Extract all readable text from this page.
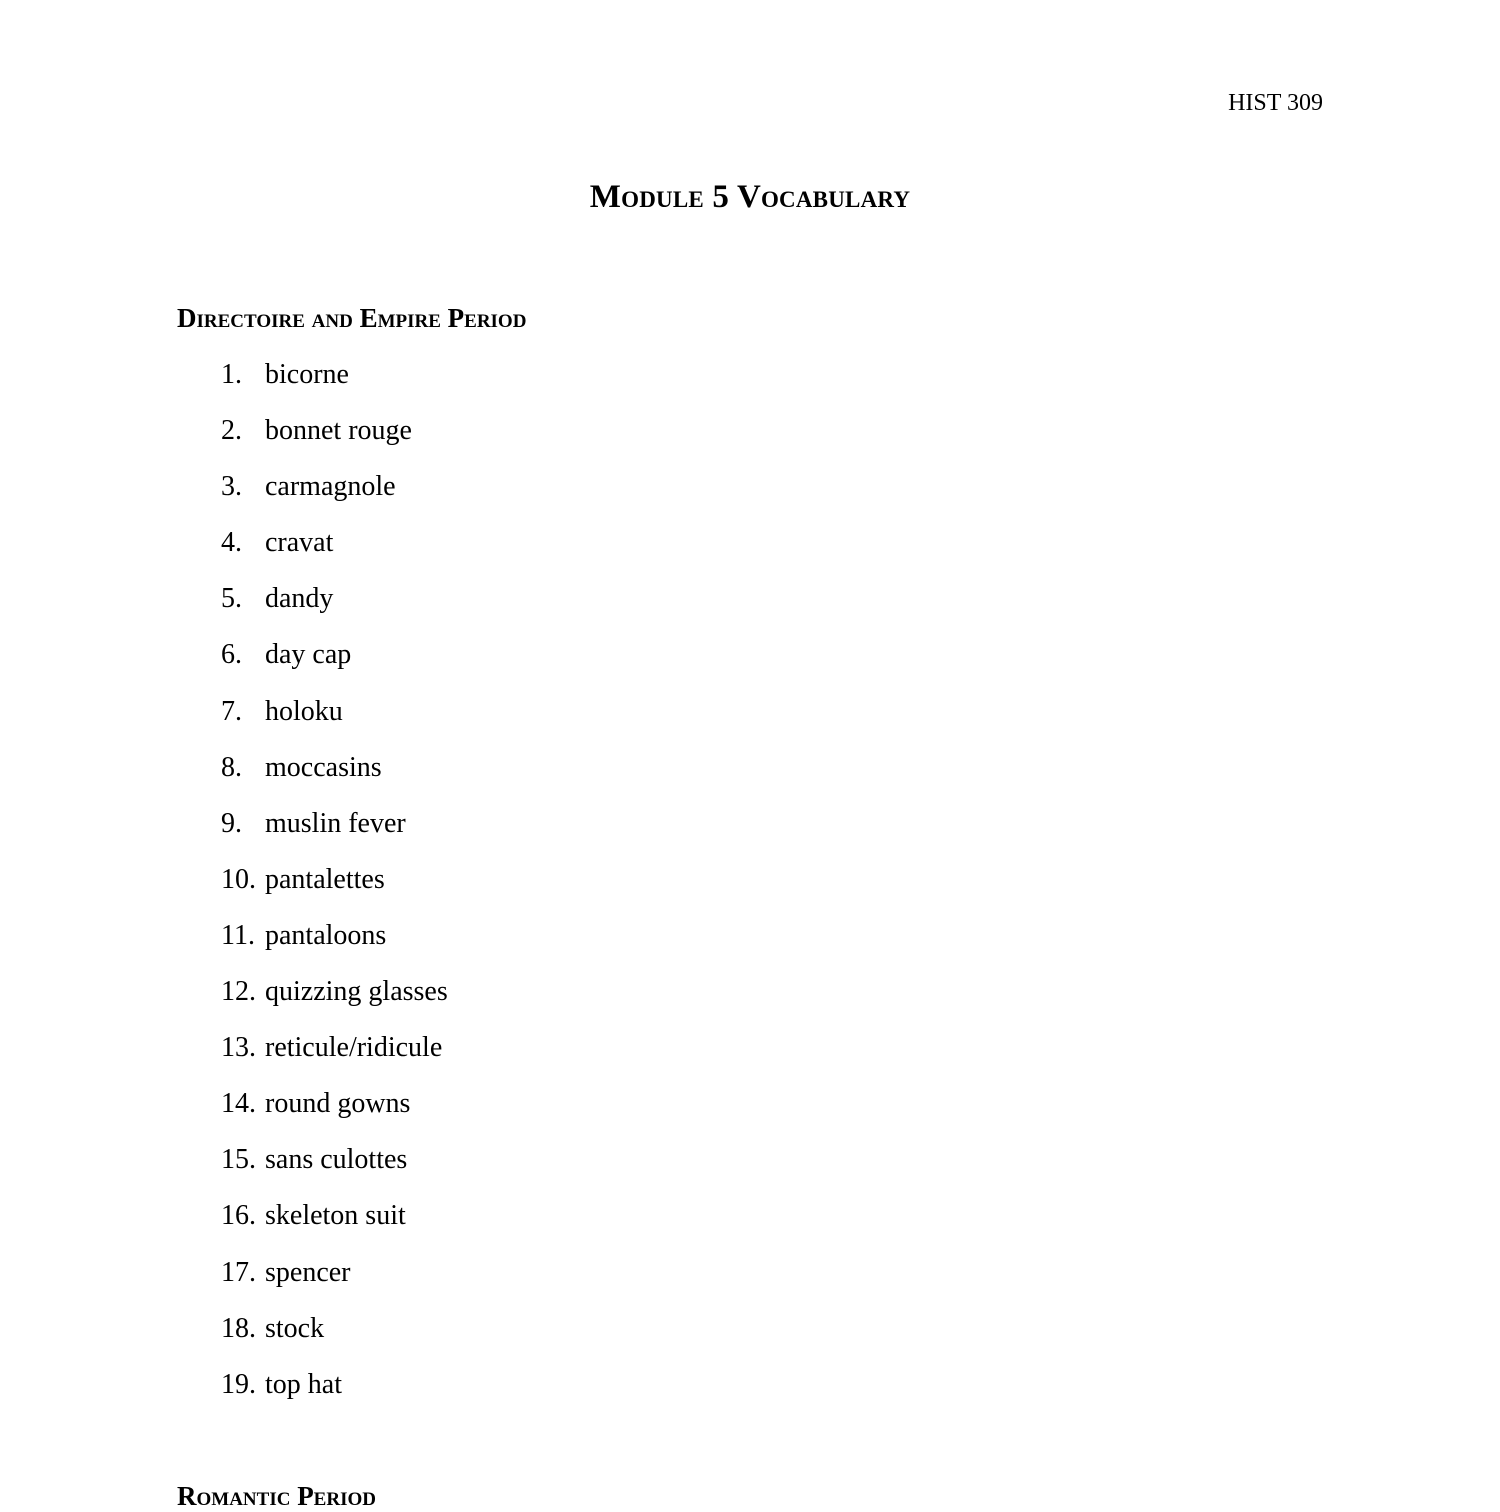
HIST 309
Module 5 Vocabulary
Directoire and Empire Period
1. bicorne
2. bonnet rouge
3. carmagnole
4. cravat
5. dandy
6. day cap
7. holoku
8. moccasins
9. muslin fever
10. pantalettes
11. pantaloons
12. quizzing glasses
13. reticule/ridicule
14. round gowns
15. sans culottes
16. skeleton suit
17. spencer
18. stock
19. top hat
Romantic Period
